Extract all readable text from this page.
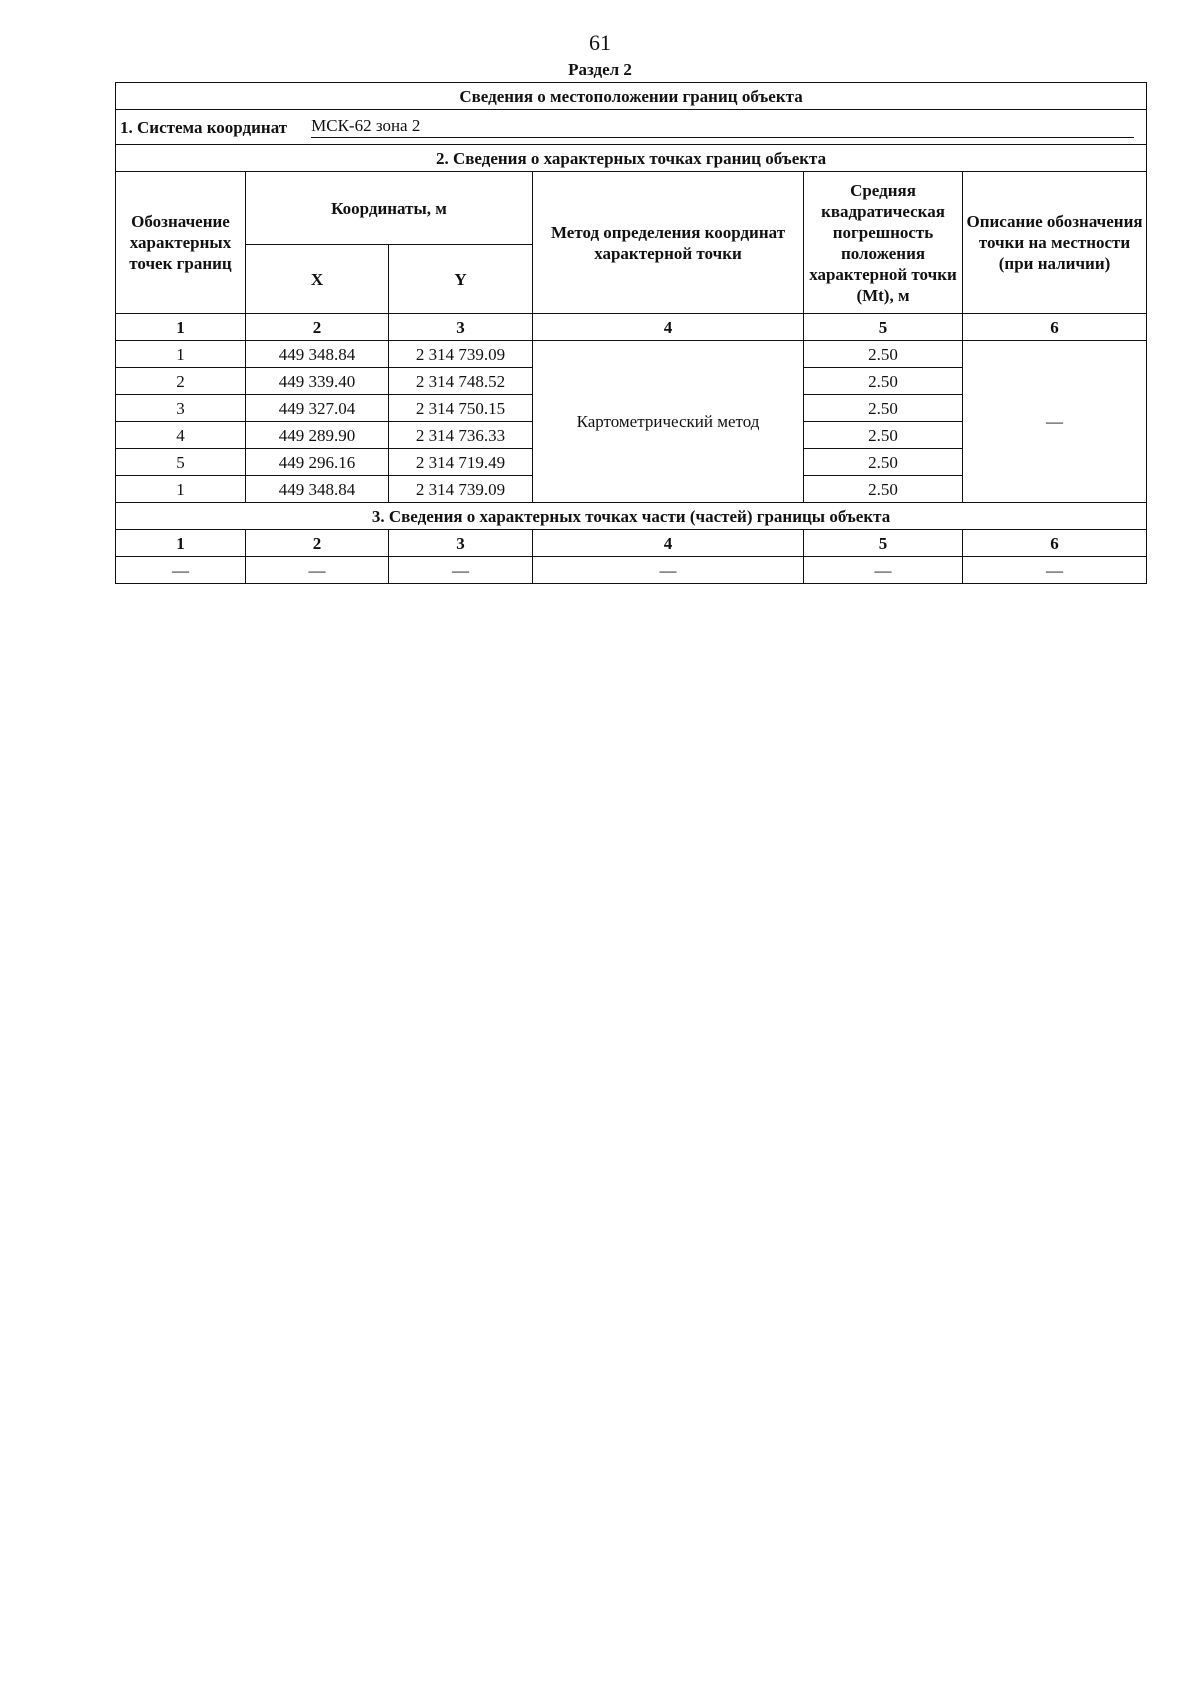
61
Раздел 2
Сведения о местоположении границ объекта					

1. Система координат МСК-62 зона 2					

2. Сведения о характерных точках границ объекта					
Обозначение характерных точек границ	Координаты, м		Метод определения координат характерной точки	Средняя квадратическая погрешность положения характерной точки (Mt), м	Описание обозначения точки на местности (при наличии)
	X	Y			
1	2	3	4	5	6
1	449 348.84	2 314 739.09	Картометрический метод	2.50	—
2	449 339.40	2 314 748.52		2.50	
3	449 327.04	2 314 750.15		2.50	
4	449 289.90	2 314 736.33		2.50	
5	449 296.16	2 314 719.49		2.50	
1	449 348.84	2 314 739.09		2.50	
3. Сведения о характерных точках части (частей) границы объекта					
1	2	3	4	5	6
—	—	—	—	—	—
